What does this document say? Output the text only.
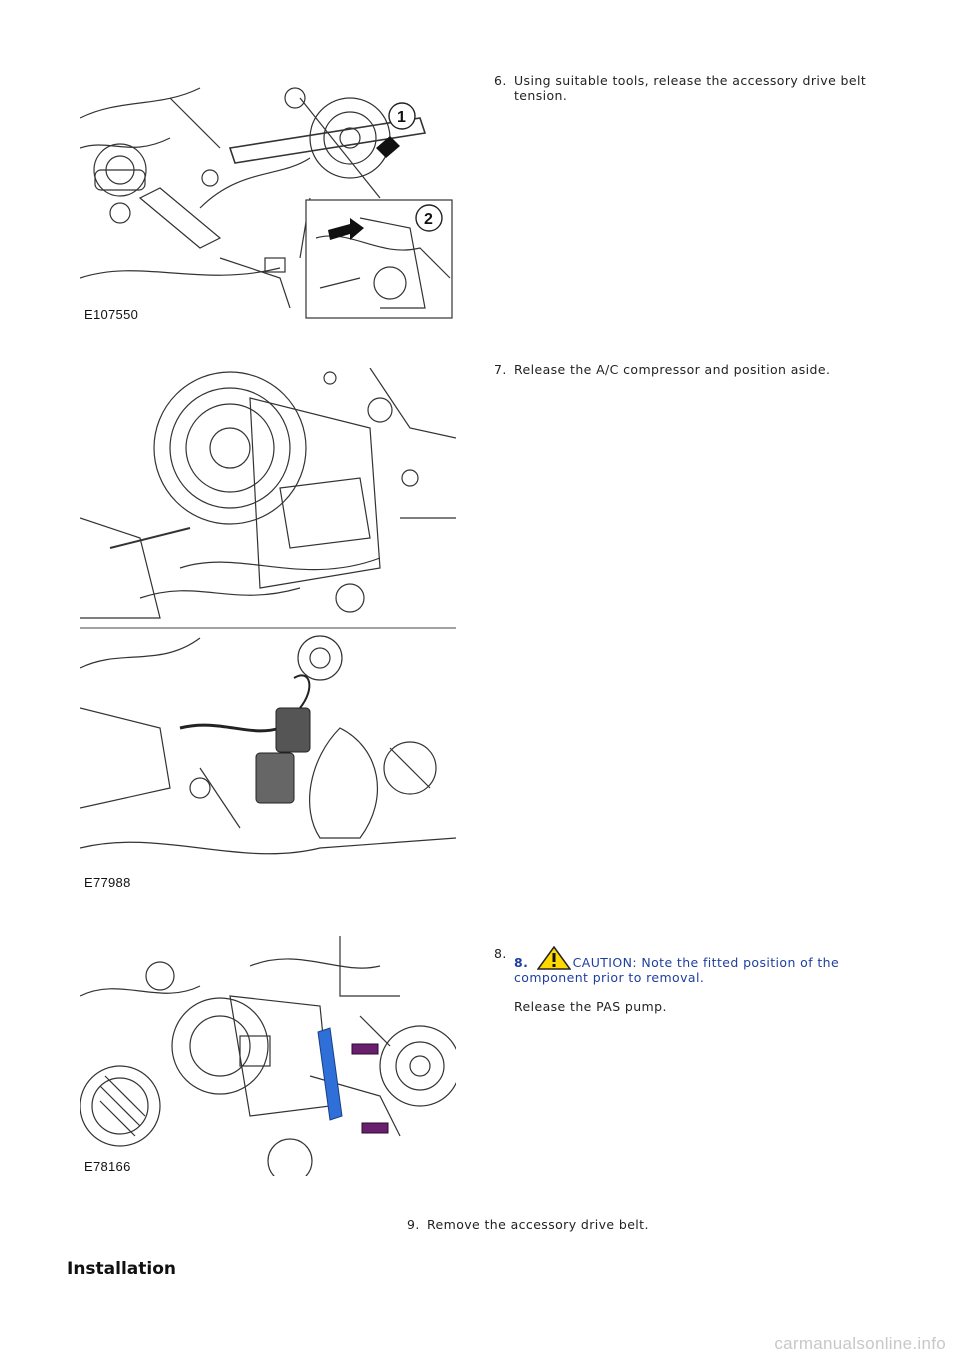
1
2
E107550
6. Using suitable tools, release the accessory drive belt tension.
E77988
7. Release the A/C compressor and position aside.
E78166
8.
8.	CAUTION: Note the fitted position of the component prior to removal.
Release the PAS pump.
9. Remove the accessory drive belt.
Installation
carmanualsonline.info
